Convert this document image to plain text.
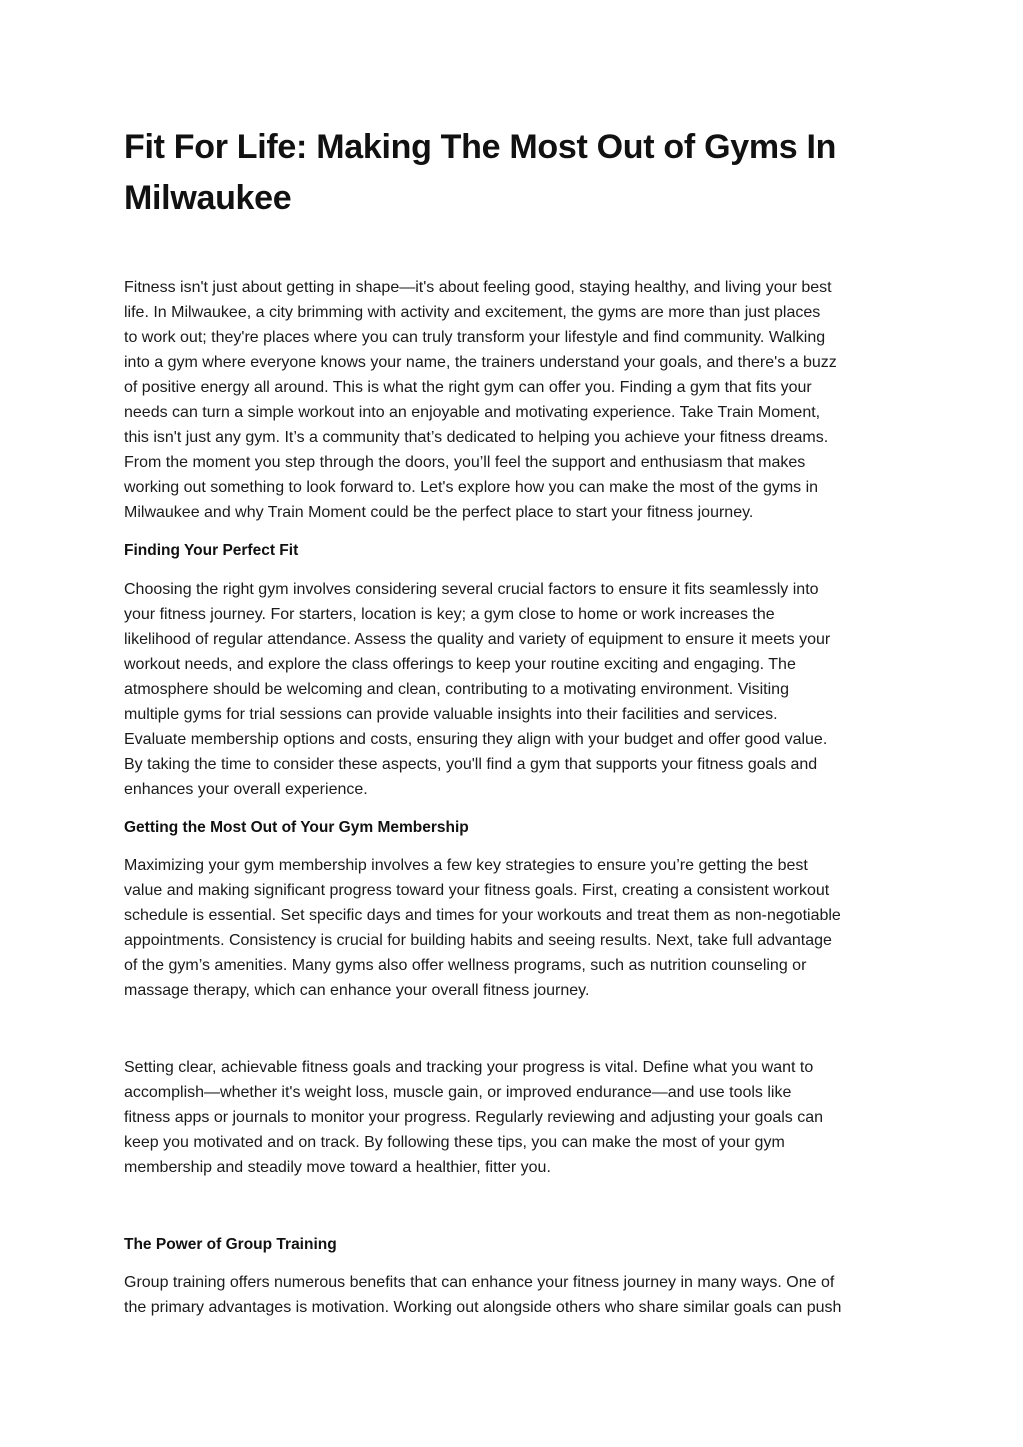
Fit For Life: Making The Most Out of Gyms In
Milwaukee
Fitness isn't just about getting in shape—it's about feeling good, staying healthy, and living your best
life. In Milwaukee, a city brimming with activity and excitement, the gyms are more than just places
to work out; they're places where you can truly transform your lifestyle and find community. Walking
into a gym where everyone knows your name, the trainers understand your goals, and there's a buzz
of positive energy all around. This is what the right gym can offer you. Finding a gym that fits your
needs can turn a simple workout into an enjoyable and motivating experience. Take Train Moment,
this isn't just any gym. It’s a community that’s dedicated to helping you achieve your fitness dreams.
From the moment you step through the doors, you’ll feel the support and enthusiasm that makes
working out something to look forward to. Let's explore how you can make the most of the gyms in
Milwaukee and why Train Moment could be the perfect place to start your fitness journey.
Finding Your Perfect Fit
Choosing the right gym involves considering several crucial factors to ensure it fits seamlessly into
your fitness journey. For starters, location is key; a gym close to home or work increases the
likelihood of regular attendance. Assess the quality and variety of equipment to ensure it meets your
workout needs, and explore the class offerings to keep your routine exciting and engaging. The
atmosphere should be welcoming and clean, contributing to a motivating environment. Visiting
multiple gyms for trial sessions can provide valuable insights into their facilities and services.
Evaluate membership options and costs, ensuring they align with your budget and offer good value.
By taking the time to consider these aspects, you'll find a gym that supports your fitness goals and
enhances your overall experience.
Getting the Most Out of Your Gym Membership
Maximizing your gym membership involves a few key strategies to ensure you’re getting the best
value and making significant progress toward your fitness goals. First, creating a consistent workout
schedule is essential. Set specific days and times for your workouts and treat them as non-negotiable
appointments. Consistency is crucial for building habits and seeing results. Next, take full advantage
of the gym’s amenities. Many gyms also offer wellness programs, such as nutrition counseling or
massage therapy, which can enhance your overall fitness journey.
Setting clear, achievable fitness goals and tracking your progress is vital. Define what you want to
accomplish—whether it's weight loss, muscle gain, or improved endurance—and use tools like
fitness apps or journals to monitor your progress. Regularly reviewing and adjusting your goals can
keep you motivated and on track. By following these tips, you can make the most of your gym
membership and steadily move toward a healthier, fitter you.
The Power of Group Training
Group training offers numerous benefits that can enhance your fitness journey in many ways. One of
the primary advantages is motivation. Working out alongside others who share similar goals can push
